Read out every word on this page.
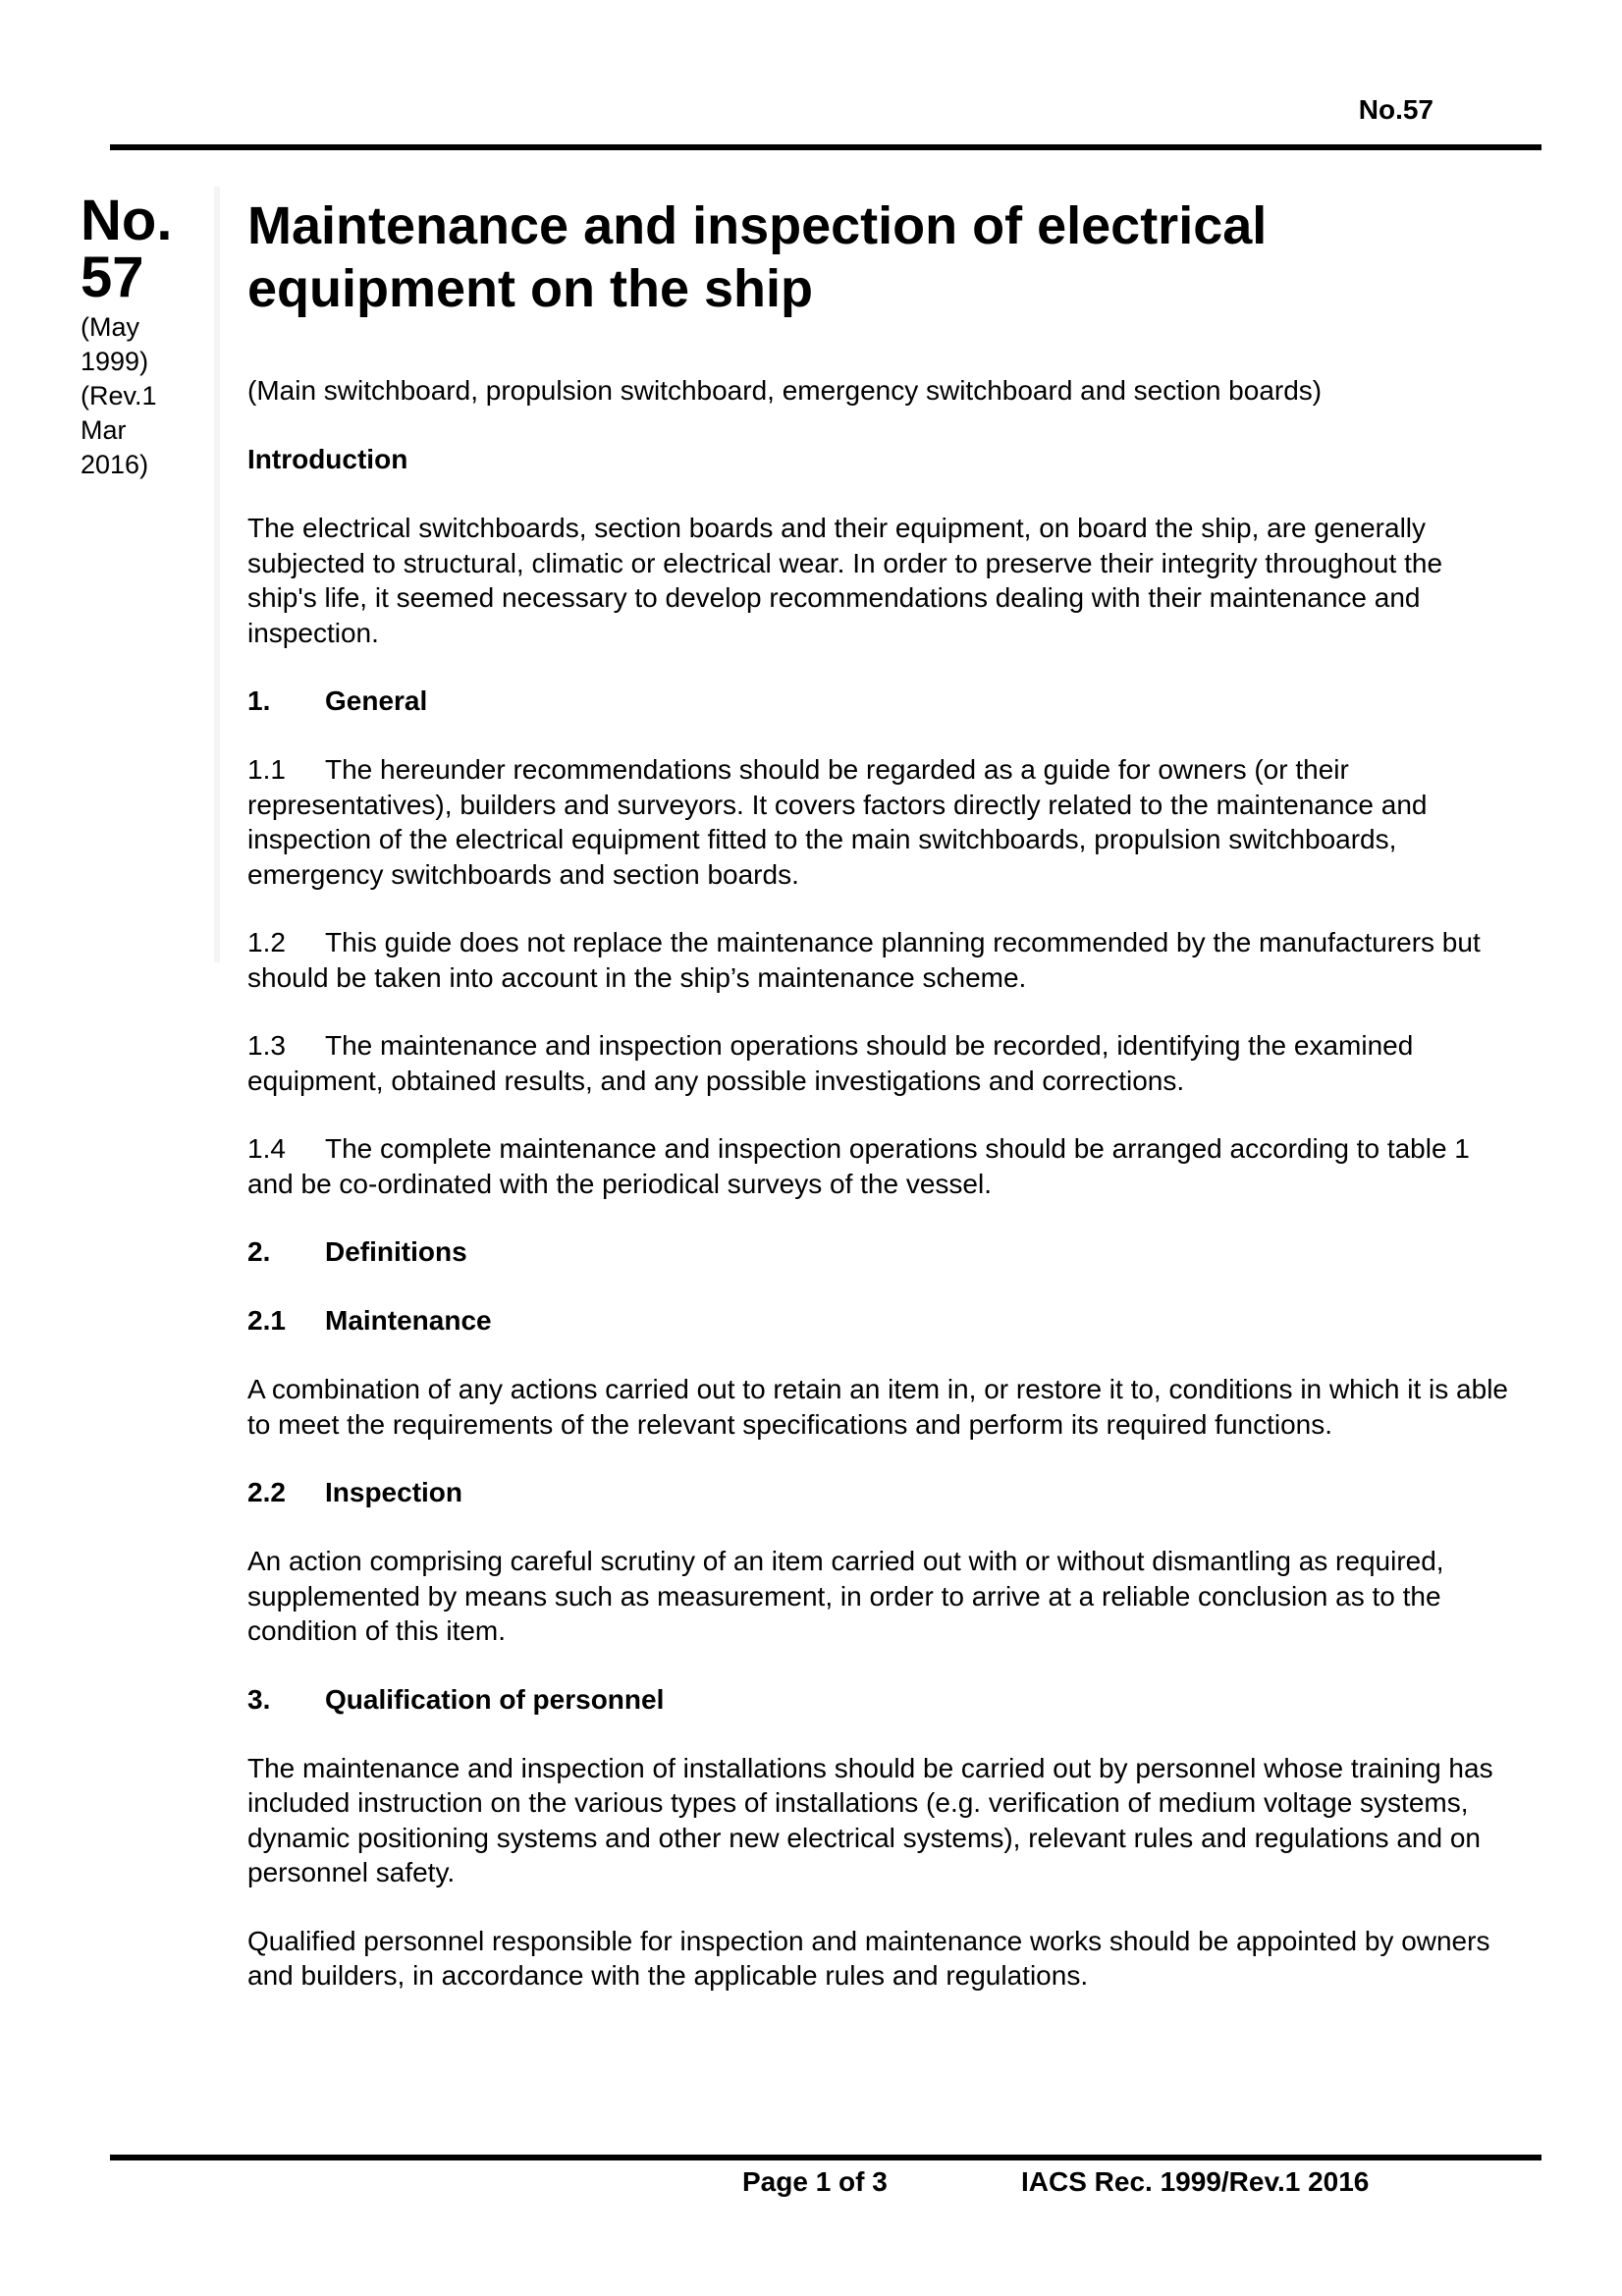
No.57
No.
57
(May
1999)
(Rev.1
Mar
2016)
Maintenance and inspection of electrical
equipment on the ship
(Main switchboard, propulsion switchboard, emergency switchboard and section boards)
Introduction
The electrical switchboards, section boards and their equipment, on board the ship, are generally subjected to structural, climatic or electrical wear. In order to preserve their integrity throughout the ship's life, it seemed necessary to develop recommendations dealing with their maintenance and inspection.
1. General
1.1 The hereunder recommendations should be regarded as a guide for owners (or their representatives), builders and surveyors. It covers factors directly related to the maintenance and inspection of the electrical equipment fitted to the main switchboards, propulsion switchboards, emergency switchboards and section boards.
1.2 This guide does not replace the maintenance planning recommended by the manufacturers but should be taken into account in the ship’s maintenance scheme.
1.3 The maintenance and inspection operations should be recorded, identifying the examined equipment, obtained results, and any possible investigations and corrections.
1.4 The complete maintenance and inspection operations should be arranged according to table 1 and be co-ordinated with the periodical surveys of the vessel.
2. Definitions
2.1 Maintenance
A combination of any actions carried out to retain an item in, or restore it to, conditions in which it is able to meet the requirements of the relevant specifications and perform its required functions.
2.2 Inspection
An action comprising careful scrutiny of an item carried out with or without dismantling as required, supplemented by means such as measurement, in order to arrive at a reliable conclusion as to the condition of this item.
3. Qualification of personnel
The maintenance and inspection of installations should be carried out by personnel whose training has included instruction on the various types of installations (e.g. verification of medium voltage systems, dynamic positioning systems and other new electrical systems), relevant rules and regulations and on personnel safety.
Qualified personnel responsible for inspection and maintenance works should be appointed by owners and builders, in accordance with the applicable rules and regulations.
Page 1 of 3	IACS Rec. 1999/Rev.1 2016
